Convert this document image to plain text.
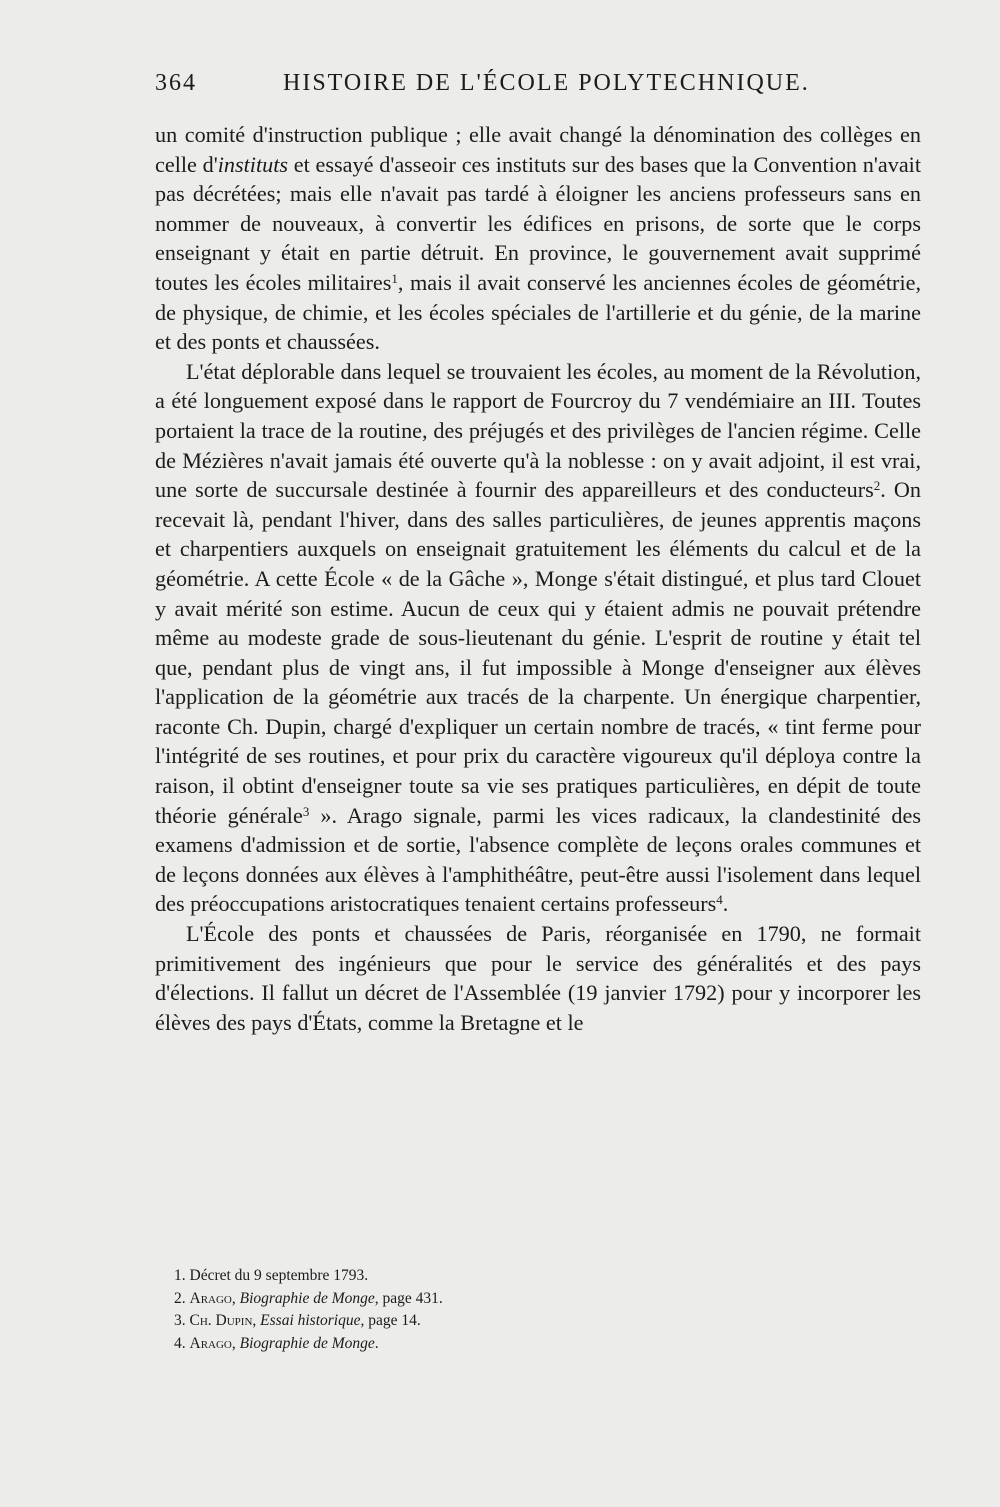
364	HISTOIRE DE L'ÉCOLE POLYTECHNIQUE.

un comité d'instruction publique ; elle avait changé la dénomination des collèges en celle d'instituts et essayé d'asseoir ces instituts sur des bases que la Convention n'avait pas décrétées; mais elle n'avait pas tardé à éloigner les anciens professeurs sans en nommer de nouveaux, à convertir les édifices en prisons, de sorte que le corps enseignant y était en partie détruit. En province, le gouvernement avait supprimé toutes les écoles militaires$^1$, mais il avait conservé les anciennes écoles de géométrie, de physique, de chimie, et les écoles spéciales de l'artillerie et du génie, de la marine et des ponts et chaussées.

L'état déplorable dans lequel se trouvaient les écoles, au moment de la Révolution, a été longuement exposé dans le rapport de Fourcroy du 7 vendémiaire an III. Toutes portaient la trace de la routine, des préjugés et des privilèges de l'ancien régime. Celle de Mézières n'avait jamais été ouverte qu'à la noblesse : on y avait adjoint, il est vrai, une sorte de succursale destinée à fournir des appareilleurs et des conducteurs$^2$. On recevait là, pendant l'hiver, dans des salles particulières, de jeunes apprentis maçons et charpentiers auxquels on enseignait gratuitement les éléments du calcul et de la géométrie. A cette École « de la Gâche », Monge s'était distingué, et plus tard Clouet y avait mérité son estime. Aucun de ceux qui y étaient admis ne pouvait prétendre même au modeste grade de sous-lieutenant du génie. L'esprit de routine y était tel que, pendant plus de vingt ans, il fut impossible à Monge d'enseigner aux élèves l'application de la géométrie aux tracés de la charpente. Un énergique charpentier, raconte Ch. Dupin, chargé d'expliquer un certain nombre de tracés, « tint ferme pour l'intégrité de ses routines, et pour prix du caractère vigoureux qu'il déploya contre la raison, il obtint d'enseigner toute sa vie ses pratiques particulières, en dépit de toute théorie générale$^3$ ». Arago signale, parmi les vices radicaux, la clandestinité des examens d'admission et de sortie, l'absence complète de leçons orales communes et de leçons données aux élèves à l'amphithéâtre, peut-être aussi l'isolement dans lequel des préoccupations aristocratiques tenaient certains professeurs$^4$.

L'École des ponts et chaussées de Paris, réorganisée en 1790, ne formait primitivement des ingénieurs que pour le service des généralités et des pays d'élections. Il fallut un décret de l'Assemblée (19 janvier 1792) pour y incorporer les élèves des pays d'États, comme la Bretagne et le

1. Décret du 9 septembre 1793.
2. Arago, Biographie de Monge, page 431.
3. Ch. Dupin, Essai historique, page 14.
4. Arago, Biographie de Monge.
